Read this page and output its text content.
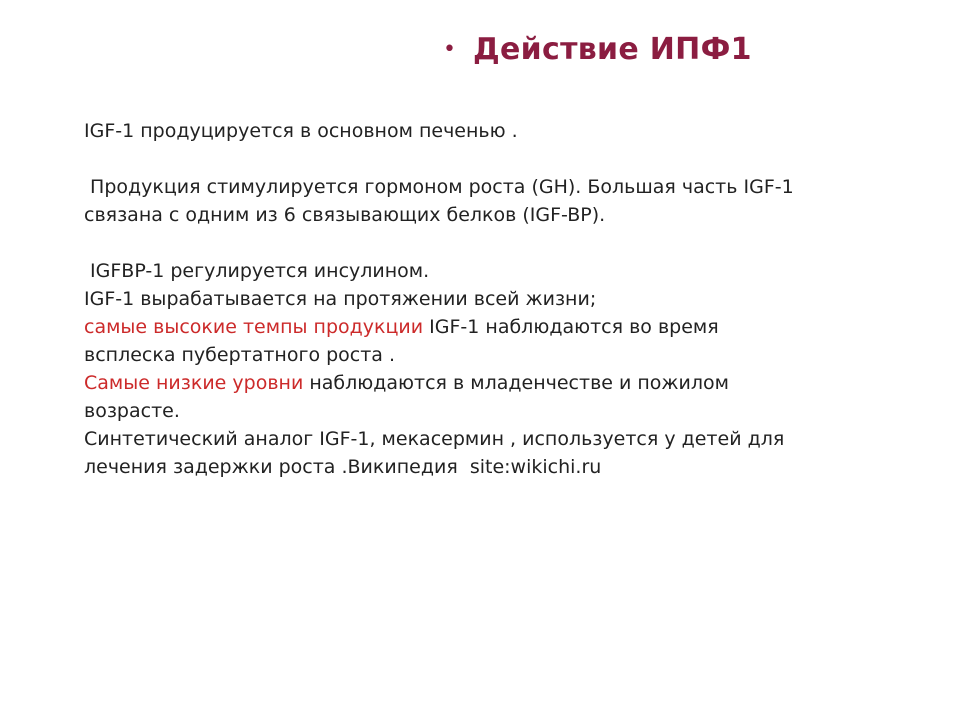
• Действие ИПФ1
IGF-1 продуцируется в основном печенью .
Продукция стимулируется гормоном роста (GH). Большая часть IGF-1
связана с одним из 6 связывающих белков (IGF-BP).
IGFBP-1 регулируется инсулином.
IGF-1 вырабатывается на протяжении всей жизни;
самые высокие темпы продукции IGF-1 наблюдаются во время
всплеска пубертатного роста .
Самые низкие уровни наблюдаются в младенчестве и пожилом
возрасте.
Синтетический аналог IGF-1, мекасермин , используется у детей для
лечения задержки роста .Википедия  site:wikichi.ru
